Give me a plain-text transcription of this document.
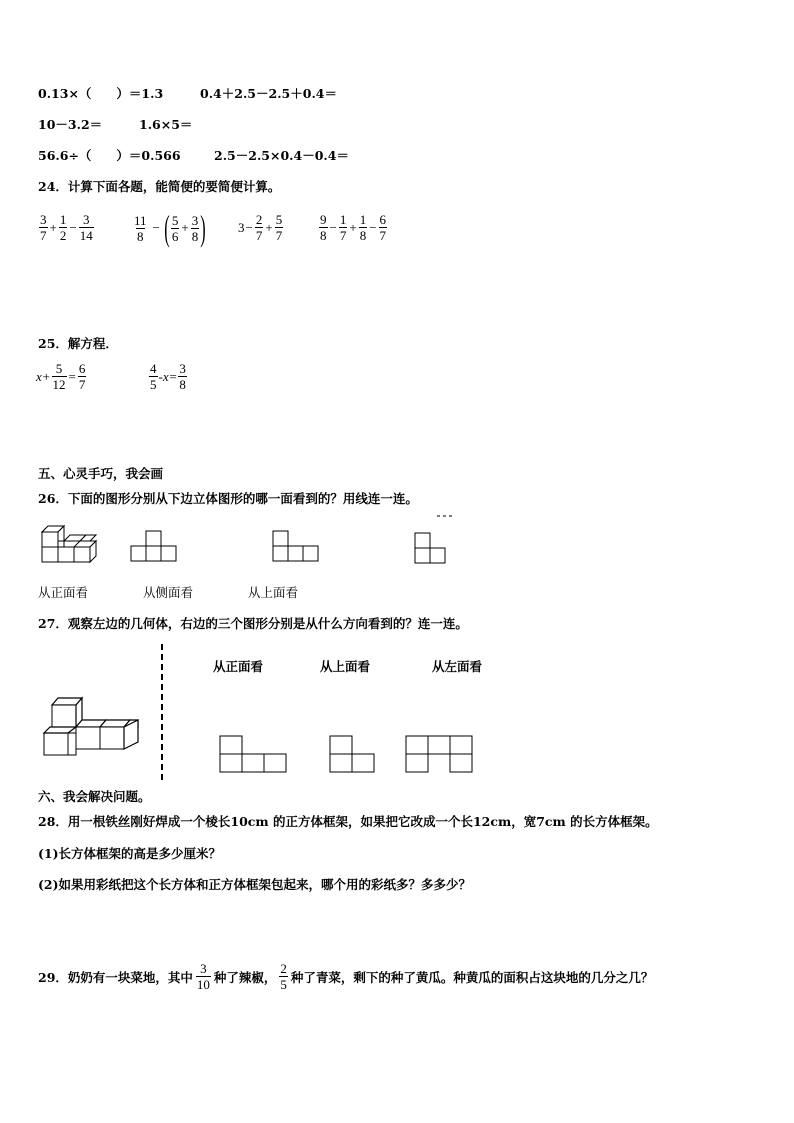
0.13×（　　）＝1.3	0.4＋2.5－2.5＋0.4＝
10－3.2＝	1.6×5＝
56.6÷（　　）＝0.566	2.5－2.5×0.4－0.4＝
24．计算下面各题，能简便的要简便计算。
$\frac{3}{7} + \frac{1}{2} - \frac{3}{14}$	$\frac{11}{8}$ − ( $\frac{5}{6} + \frac{3}{8}$ ) $3 - \frac{2}{7} + \frac{5}{7}$	$\frac{9}{8} - \frac{1}{7} + \frac{1}{8} - \frac{6}{7}$
25．解方程．
$x+ \frac{5}{12} = \frac{6}{7}$	$\frac{4}{5} -x= \frac{3}{8}$
五、心灵手巧，我会画
26．下面的图形分别从下边立体图形的哪一面看到的？用线连一连。
从正面看	从侧面看	从上面看
27．观察左边的几何体，右边的三个图形分别是从什么方向看到的？连一连。
从正面看	从上面看	从左面看
六、我会解决问题。
28．用一根铁丝刚好焊成一个棱长10cm 的正方体框架，如果把它改成一个长12cm，宽7cm 的长方体框架。
(1)长方体框架的高是多少厘米？
(2)如果用彩纸把这个长方体和正方体框架包起来，哪个用的彩纸多？多多少？
29．奶奶有一块菜地，其中 $\frac{3}{10}$ 种了辣椒， $\frac{2}{5}$ 种了青菜，剩下的种了黄瓜。种黄瓜的面积占这块地的几分之几？
